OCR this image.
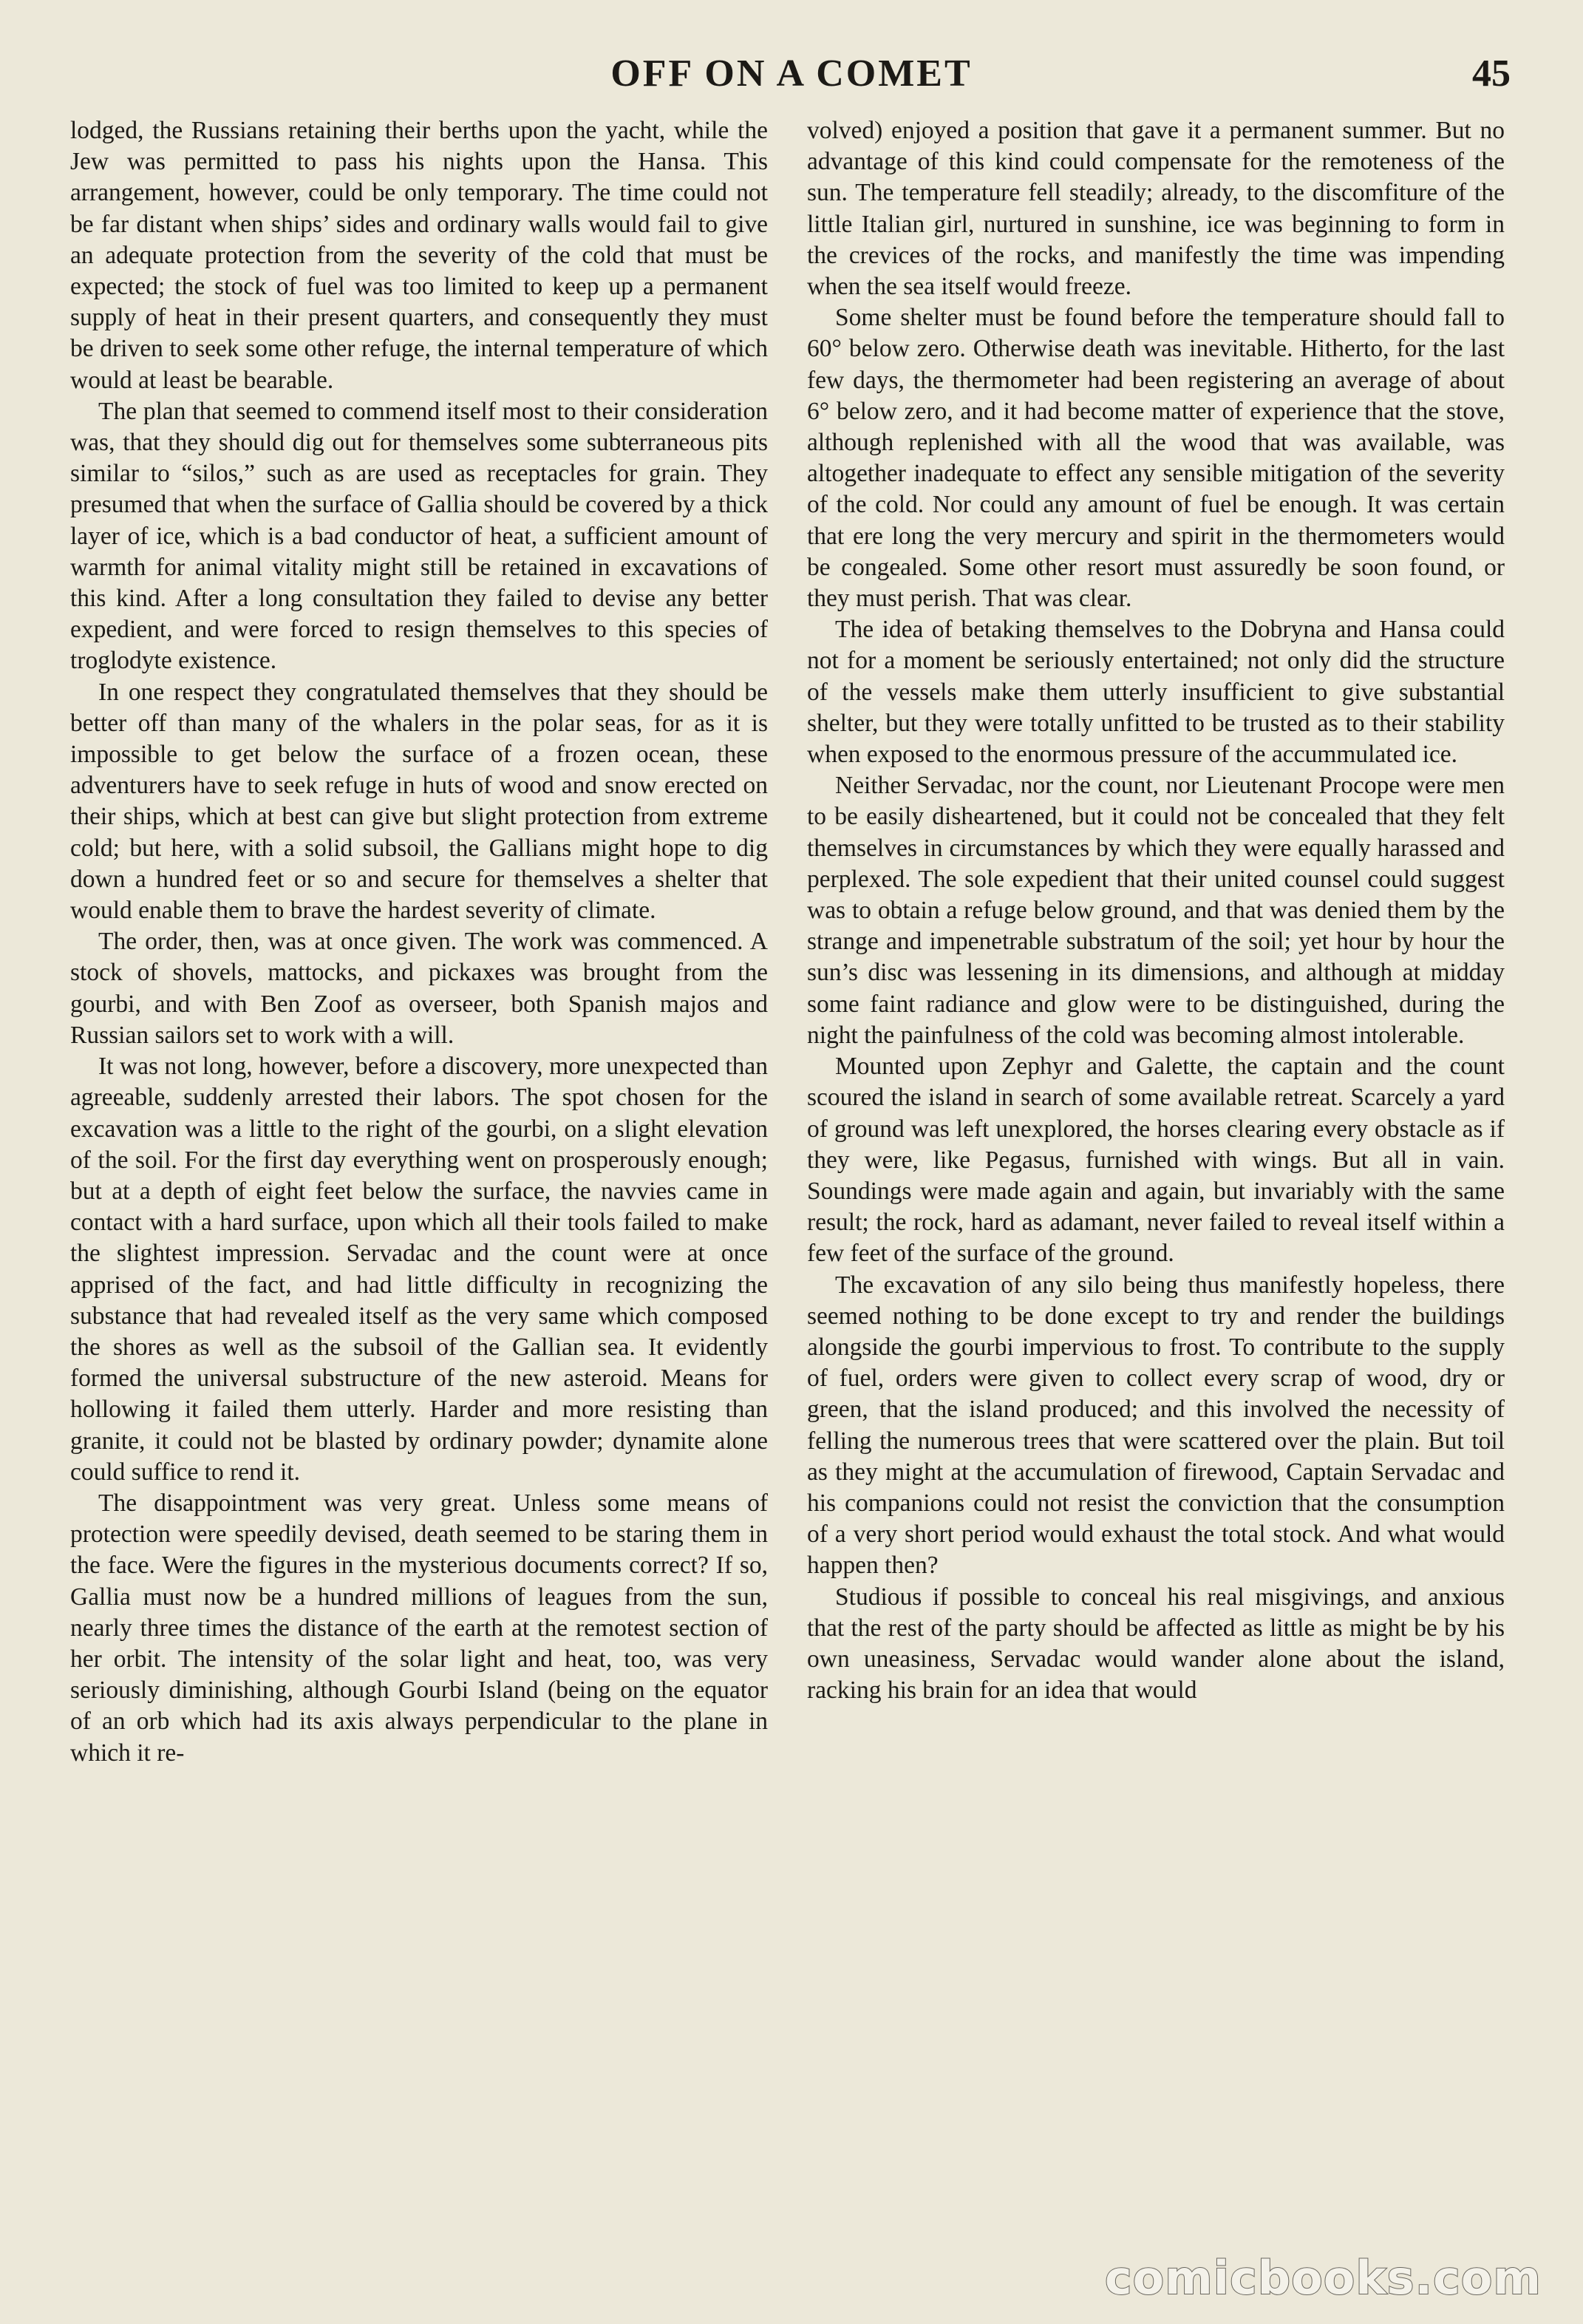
OFF ON A COMET	45

lodged, the Russians retaining their berths upon the yacht, while the Jew was permitted to pass his nights upon the Hansa. This arrangement, however, could be only temporary. The time could not be far distant when ships’ sides and ordinary walls would fail to give an adequate protection from the severity of the cold that must be expected; the stock of fuel was too limited to keep up a permanent supply of heat in their present quarters, and consequently they must be driven to seek some other refuge, the internal temperature of which would at least be bearable.

The plan that seemed to commend itself most to their consideration was, that they should dig out for themselves some subterraneous pits similar to “silos,” such as are used as receptacles for grain. They presumed that when the surface of Gallia should be covered by a thick layer of ice, which is a bad conductor of heat, a sufficient amount of warmth for animal vitality might still be retained in excavations of this kind. After a long consultation they failed to devise any better expedient, and were forced to resign themselves to this species of troglodyte existence.

In one respect they congratulated themselves that they should be better off than many of the whalers in the polar seas, for as it is impossible to get below the surface of a frozen ocean, these adventurers have to seek refuge in huts of wood and snow erected on their ships, which at best can give but slight protection from extreme cold; but here, with a solid subsoil, the Gallians might hope to dig down a hundred feet or so and secure for themselves a shelter that would enable them to brave the hardest severity of climate.

The order, then, was at once given. The work was commenced. A stock of shovels, mattocks, and pickaxes was brought from the gourbi, and with Ben Zoof as overseer, both Spanish majos and Russian sailors set to work with a will.

It was not long, however, before a discovery, more unexpected than agreeable, suddenly arrested their labors. The spot chosen for the excavation was a little to the right of the gourbi, on a slight elevation of the soil. For the first day everything went on prosperously enough; but at a depth of eight feet below the surface, the navvies came in contact with a hard surface, upon which all their tools failed to make the slightest impression. Servadac and the count were at once apprised of the fact, and had little difficulty in recognizing the substance that had revealed itself as the very same which composed the shores as well as the subsoil of the Gallian sea. It evidently formed the universal substructure of the new asteroid. Means for hollowing it failed them utterly. Harder and more resisting than granite, it could not be blasted by ordinary powder; dynamite alone could suffice to rend it.

The disappointment was very great. Unless some means of protection were speedily devised, death seemed to be staring them in the face. Were the figures in the mysterious documents correct? If so, Gallia must now be a hundred millions of leagues from the sun, nearly three times the distance of the earth at the remotest section of her orbit. The intensity of the solar light and heat, too, was very seriously diminishing, although Gourbi Island (being on the equator of an orb which had its axis always perpendicular to the plane in which it re-

volved) enjoyed a position that gave it a permanent summer. But no advantage of this kind could compensate for the remoteness of the sun. The temperature fell steadily; already, to the discomfiture of the little Italian girl, nurtured in sunshine, ice was beginning to form in the crevices of the rocks, and manifestly the time was impending when the sea itself would freeze.

Some shelter must be found before the temperature should fall to 60° below zero. Otherwise death was inevitable. Hitherto, for the last few days, the thermometer had been registering an average of about 6° below zero, and it had become matter of experience that the stove, although replenished with all the wood that was available, was altogether inadequate to effect any sensible mitigation of the severity of the cold. Nor could any amount of fuel be enough. It was certain that ere long the very mercury and spirit in the thermometers would be congealed. Some other resort must assuredly be soon found, or they must perish. That was clear.

The idea of betaking themselves to the Dobryna and Hansa could not for a moment be seriously entertained; not only did the structure of the vessels make them utterly insufficient to give substantial shelter, but they were totally unfitted to be trusted as to their stability when exposed to the enormous pressure of the accummulated ice.

Neither Servadac, nor the count, nor Lieutenant Procope were men to be easily disheartened, but it could not be concealed that they felt themselves in circumstances by which they were equally harassed and perplexed. The sole expedient that their united counsel could suggest was to obtain a refuge below ground, and that was denied them by the strange and impenetrable substratum of the soil; yet hour by hour the sun’s disc was lessening in its dimensions, and although at midday some faint radiance and glow were to be distinguished, during the night the painfulness of the cold was becoming almost intolerable.

Mounted upon Zephyr and Galette, the captain and the count scoured the island in search of some available retreat. Scarcely a yard of ground was left unexplored, the horses clearing every obstacle as if they were, like Pegasus, furnished with wings. But all in vain. Soundings were made again and again, but invariably with the same result; the rock, hard as adamant, never failed to reveal itself within a few feet of the surface of the ground.

The excavation of any silo being thus manifestly hopeless, there seemed nothing to be done except to try and render the buildings alongside the gourbi impervious to frost. To contribute to the supply of fuel, orders were given to collect every scrap of wood, dry or green, that the island produced; and this involved the necessity of felling the numerous trees that were scattered over the plain. But toil as they might at the accumulation of firewood, Captain Servadac and his companions could not resist the conviction that the consumption of a very short period would exhaust the total stock. And what would happen then?

Studious if possible to conceal his real misgivings, and anxious that the rest of the party should be affected as little as might be by his own uneasiness, Servadac would wander alone about the island, racking his brain for an idea that would

comicbooks.com
